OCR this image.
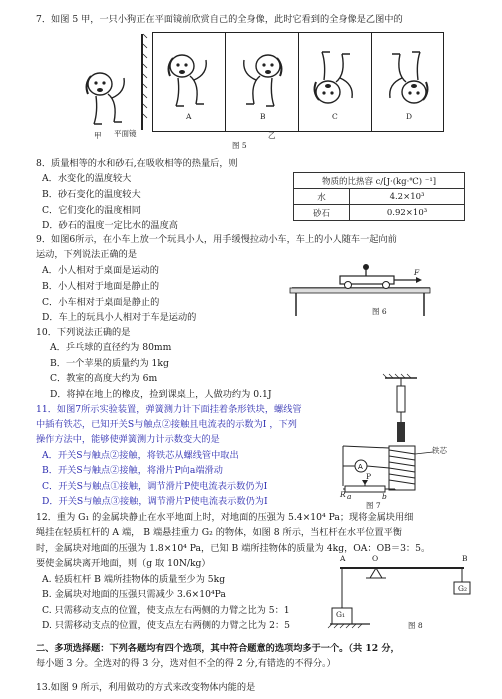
7．如图 5 甲，一只小狗正在平面镜前欣赏自己的全身像，此时它看到的全身像是乙图中的
甲 平面镜
A	B	C	D
乙
图 5
8．质量相等的水和砂石,在吸收相等的热量后，则
A．水变化的温度较大
B．砂石变化的温度较大
C．它们变化的温度相同
D．砂石的温度一定比水的温度高
物质的比热容 c/[J·(kg·℃) ⁻¹]	
水	4.2×10³
砂石	0.92×10³
9．如图6所示，在小车上放一个玩具小人，用手缓慢拉动小车，车上的小人随车一起向前
运动，下列说法正确的是
A．小人相对于桌面是运动的
B．小人相对于地面是静止的
C．小车相对于桌面是静止的
D．车上的玩具小人相对于车是运动的
F
图 6
10．下列说法正确的是
A．乒乓球的直径约为 80mm
B．一个苹果的质量约为 1kg
C．教室的高度大约为 6m
D．将掉在地上的橡皮，捡到课桌上，人做功约为 0.1J
11．如图7所示实验装置，弹簧测力计下面挂着条形铁块，螺线管
中插有铁芯，已知开关S与触点②接触且电流表的示数为I ，下列
操作方法中，能够使弹簧测力计示数变大的是
A．开关S与触点②接触，将铁芯从螺线管中取出
B．开关S与触点②接触，将滑片P向a端滑动
C．开关S与触点①接触，调节滑片P使电流表示数仍为I
D．开关S与触点③接触，调节滑片P使电流表示数仍为I
A
铁芯
R a	b
P
图 7
12．重为 G₁ 的金属块静止在水平地面上时，对地面的压强为 5.4×10⁴ Pa；现将金属块用细
绳挂在轻质杠杆的 A 端， B 端悬挂重力 G₂ 的物体，如图 8 所示，当杠杆在水平位置平衡
时，金属块对地面的压强为 1.8×10⁴ Pa，已知 B 端所挂物体的质量为 4kg，OA：OB＝3：5。
要使金属块离开地面，则（g 取 10N/kg）
A. 轻质杠杆 B 端所挂物体的质量至少为 5kg
B. 金属块对地面的压强只需减少 3.6×10⁴Pa
C. 只需移动支点的位置，使支点左右两侧的力臂之比为 5：1
D. 只需移动支点的位置，使支点左右两侧的力臂之比为 2：5
A	O	B
G₁
G₂
图 8
二、多项选择题：下列各题均有四个选项，其中符合题意的选项均多于一个。（共 12 分，
每小题 3 分。全选对的得 3 分，选对但不全的得 2 分,有错选的不得分。）
13.如图 9 所示，利用做功的方式来改变物体内能的是
